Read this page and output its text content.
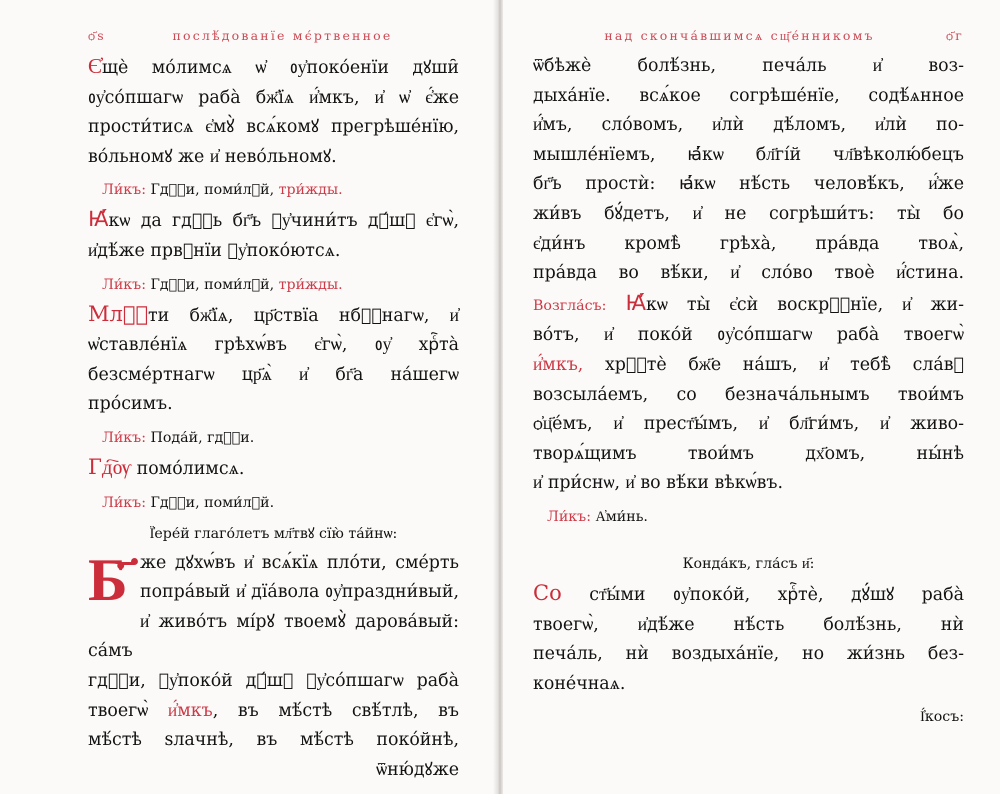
ѻ҃ѕ	послѣ́дованїе мє́ртвенное

Є҆щѐ мо́лимсѧ ѡ҆ ᲂу҆поко́енїи дꙋши̑

ᲂу҆со́пшагѡ раба̀ бж҃їѧ и҆́мкъ, и҆ ѡ҆ є҆́же

прости́тисѧ є҆мꙋ̀ всѧ́комꙋ прегрѣше́нїю,

во́льномꙋ же и҆ нево́льномꙋ.

Ли́къ: Гдⷭ҇и, поми́лꙋй, три́жды.

Ꙗ҆́кѡ да гдⷭ҇ь бг҃ъ ᲂу҆чини́тъ дꙋ́шꙋ є҆гѡ̀,

и҆дѣ́же првⷣнїи ᲂу҆поко́ютсѧ.

Ли́къ: Гдⷭ҇и, поми́лꙋй, три́жды.

Млⷭ҇ти бж҃їѧ, цр҃ствїа нбⷭ҇нагѡ, и҆

ѡ҆ставле́нїѧ грѣхѡ́въ є҆гѡ̀, ᲂу҆ хрⷭ҇та̀

безсме́ртнагѡ цр҃ѧ̀ и҆ бг҃а на́шегѡ

про́симъ.

Ли́къ: Пода́й, гдⷭ҇и.

Гд҇ѹ помо́лимсѧ.

Ли́къ: Гдⷭ҇и, поми́лꙋй.
Ї҆ере́й глаго́летъ мл҃твꙋ сїю̀ та́йнѡ:
Б҃ же дꙋхѡ́въ и҆ всѧ́кїѧ пло́ти, сме́рть

попра́вый и҆ дїа́вола ᲂу҆праздни́вый,

и҆ живо́тъ мі́рꙋ твоемꙋ̀ дарова́вый: са́мъ

гдⷭ҇и, ᲂу҆поко́й дꙋ́шꙋ ᲂу҆со́пшагѡ раба̀

твоегѡ̀ и҆́мкъ, въ мѣ́стѣ свѣ́тлѣ, въ

мѣ́стѣ ѕлачнѣ, въ мѣ́стѣ поко́йнѣ,

ѿню́дꙋже

над сконча́вшимсѧ сщ҃е́нникомъ	ѻ҃г

ѿбѣжѐ болѣ́знь, печа́ль и҆ воз-

дыха́нїе. всѧ́кое согрѣше́нїе, содѣ́ѧнное

и҆́мъ, сло́вомъ, и҆лѝ дѣ́ломъ, и҆лѝ по-

мышле́нїемъ, ꙗ҆́кѡ бл҃гі́й чл҃вѣколю́бецъ

бг҃ъ простѝ: ꙗ҆́кѡ нѣ́сть человѣ́къ, и҆́же

жи́въ бꙋ́детъ, и҆ не согрѣши́тъ: ты̀ бо

є҆ди́нъ кромѣ̀ грѣха̀, пра́вда твоѧ̀,

пра́вда во вѣ́ки, и҆ сло́во твоѐ и҆́стина.

Возгла́съ: Ꙗ҆́кѡ ты̀ є҆сѝ воскрⷭ҇нїе, и҆ жи-

во́тъ, и҆ поко́й ᲂу҆со́пшагѡ раба̀ твоегѡ̀

и҆́мкъ, хрⷭ҇тѐ бж҃е на́шъ, и҆ тебѣ̀ сла́вꙋ

возсыла́емъ, со безнача́льнымъ твои́мъ

ѻ҆ц҃е́мъ, и҆ прест҃ы́мъ, и҆ бл҃ги́мъ, и҆ живо-

творѧ́щимъ твои́мъ дх҃омъ, ны́нѣ

и҆ при́снѡ, и҆ во вѣ́ки вѣкѡ́въ.

Ли́къ: А҆ми́нь.
Конда́къ, гла́съ и҃:

Со ст҃ы́ми ᲂу҆поко́й, хрⷭ҇тѐ, дꙋ́шꙋ раба̀

твоегѡ̀, и҆дѣ́же нѣ́сть болѣ́знь, нѝ

печа́ль, нѝ воздыха́нїе, но жи́знь без-

коне́чнаѧ.

І҆́косъ:
